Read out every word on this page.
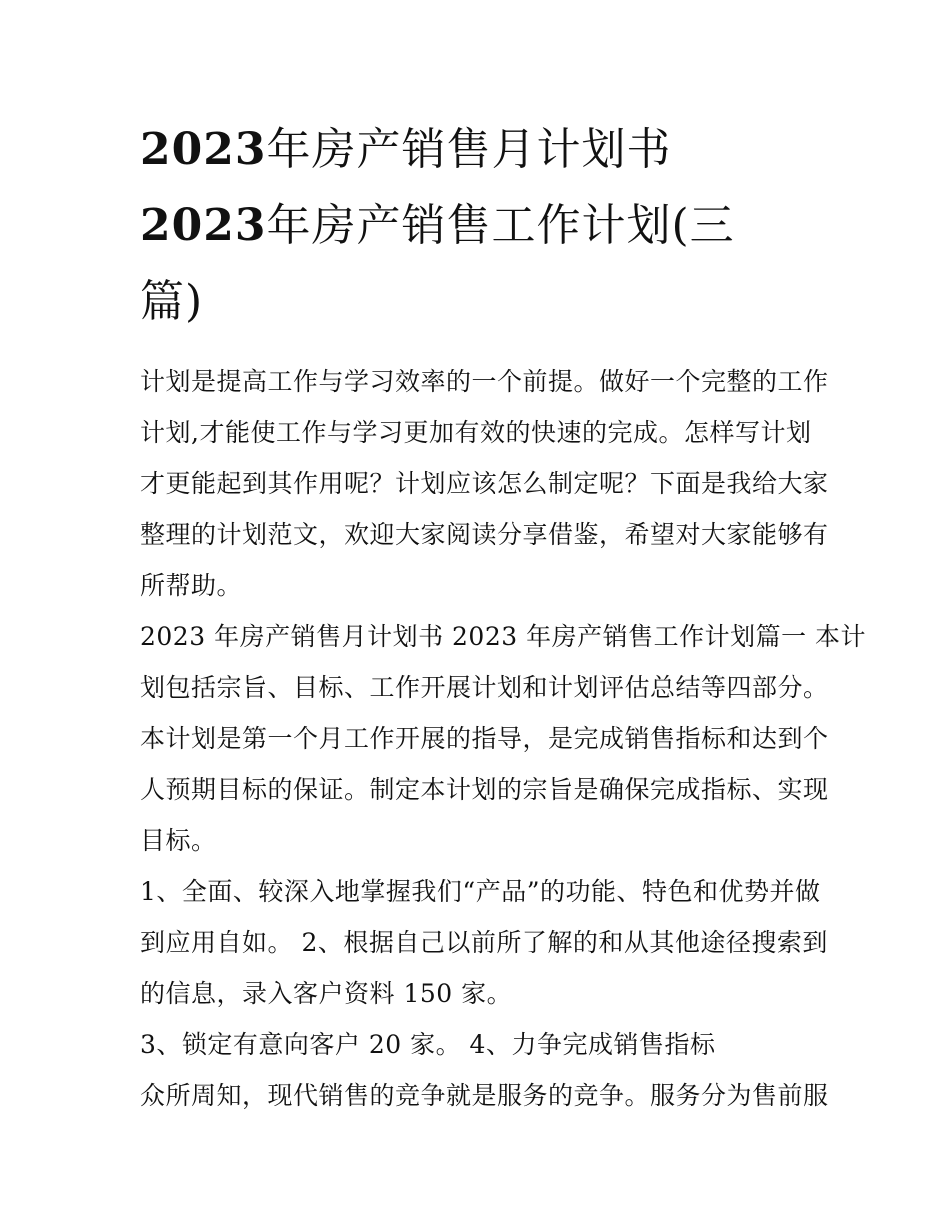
2023年房产销售月计划书
2023年房产销售工作计划(三
篇)
计划是提高工作与学习效率的一个前提。做好一个完整的工作
计划,才能使工作与学习更加有效的快速的完成。怎样写计划
才更能起到其作用呢？计划应该怎么制定呢？下面是我给大家
整理的计划范文，欢迎大家阅读分享借鉴，希望对大家能够有
所帮助。
2023 年房产销售月计划书 2023 年房产销售工作计划篇一 本计
划包括宗旨、目标、工作开展计划和计划评估总结等四部分。
本计划是第一个月工作开展的指导，是完成销售指标和达到个
人预期目标的保证。制定本计划的宗旨是确保完成指标、实现
目标。
1、全面、较深入地掌握我们“产品”的功能、特色和优势并做
到应用自如。 2、根据自己以前所了解的和从其他途径搜索到
的信息，录入客户资料 150 家。
3、锁定有意向客户 20 家。 4、力争完成销售指标
众所周知，现代销售的竞争就是服务的竞争。服务分为售前服
